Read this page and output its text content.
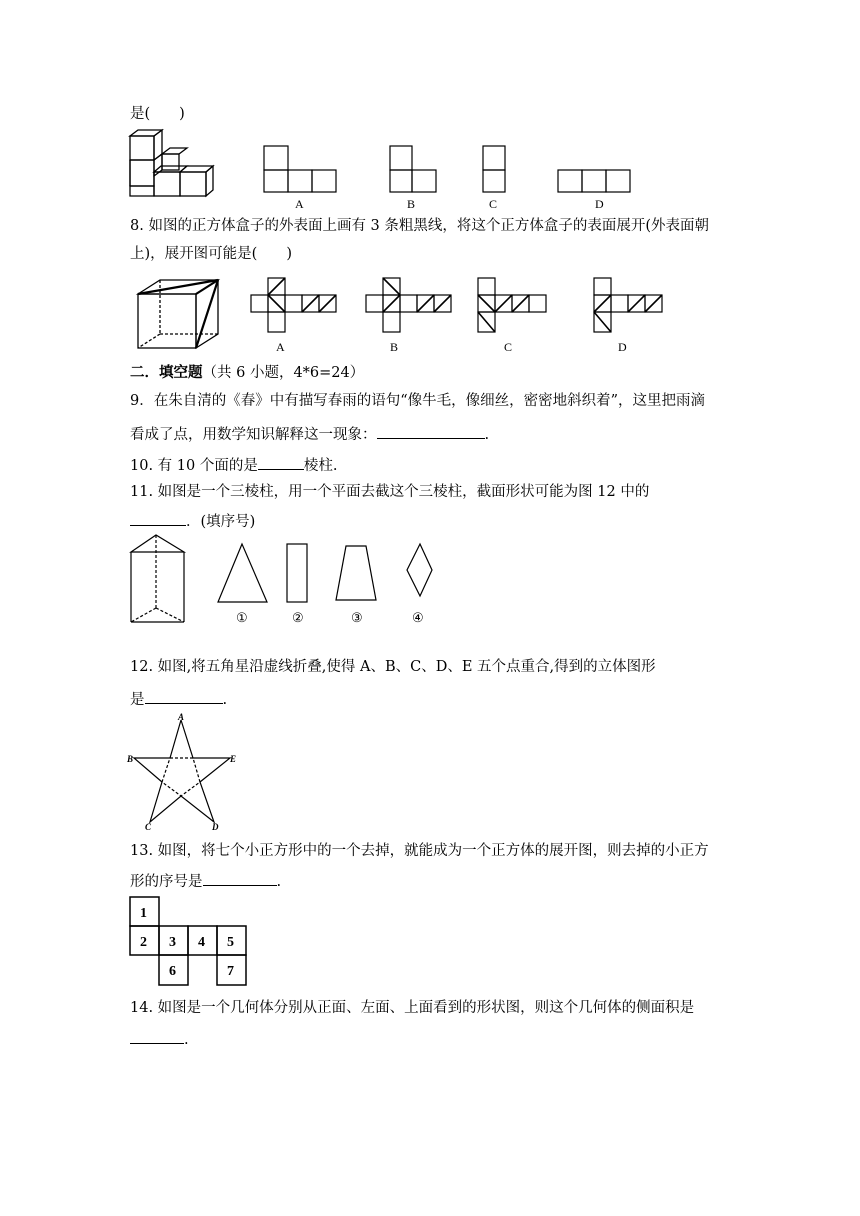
是(　　)
A	B	C	D
8. 如图的正方体盒子的外表面上画有 3 条粗黑线，将这个正方体盒子的表面展开(外表面朝
上)，展开图可能是(　　)
A	B	C	D
二．填空题（共 6 小题，4*6=24）
9．在朱自清的《春》中有描写春雨的语句“像牛毛，像细丝，密密地斜织着”，这里把雨滴
看成了点，用数学知识解释这一现象：	.
10. 有 10 个面的是	棱柱.
11. 如图是一个三棱柱，用一个平面去截这个三棱柱，截面形状可能为图 12 中的
．(填序号)
①	②	③	④
12. 如图,将五角星沿虚线折叠,使得 A、B、C、D、E 五个点重合,得到的立体图形
是	.
A
B
C	D
E
13. 如图，将七个小正方形中的一个去掉，就能成为一个正方体的展开图，则去掉的小正方
形的序号是	.
1
2 3 4 5
6	7
14. 如图是一个几何体分别从正面、左面、上面看到的形状图，则这个几何体的侧面积是
.
